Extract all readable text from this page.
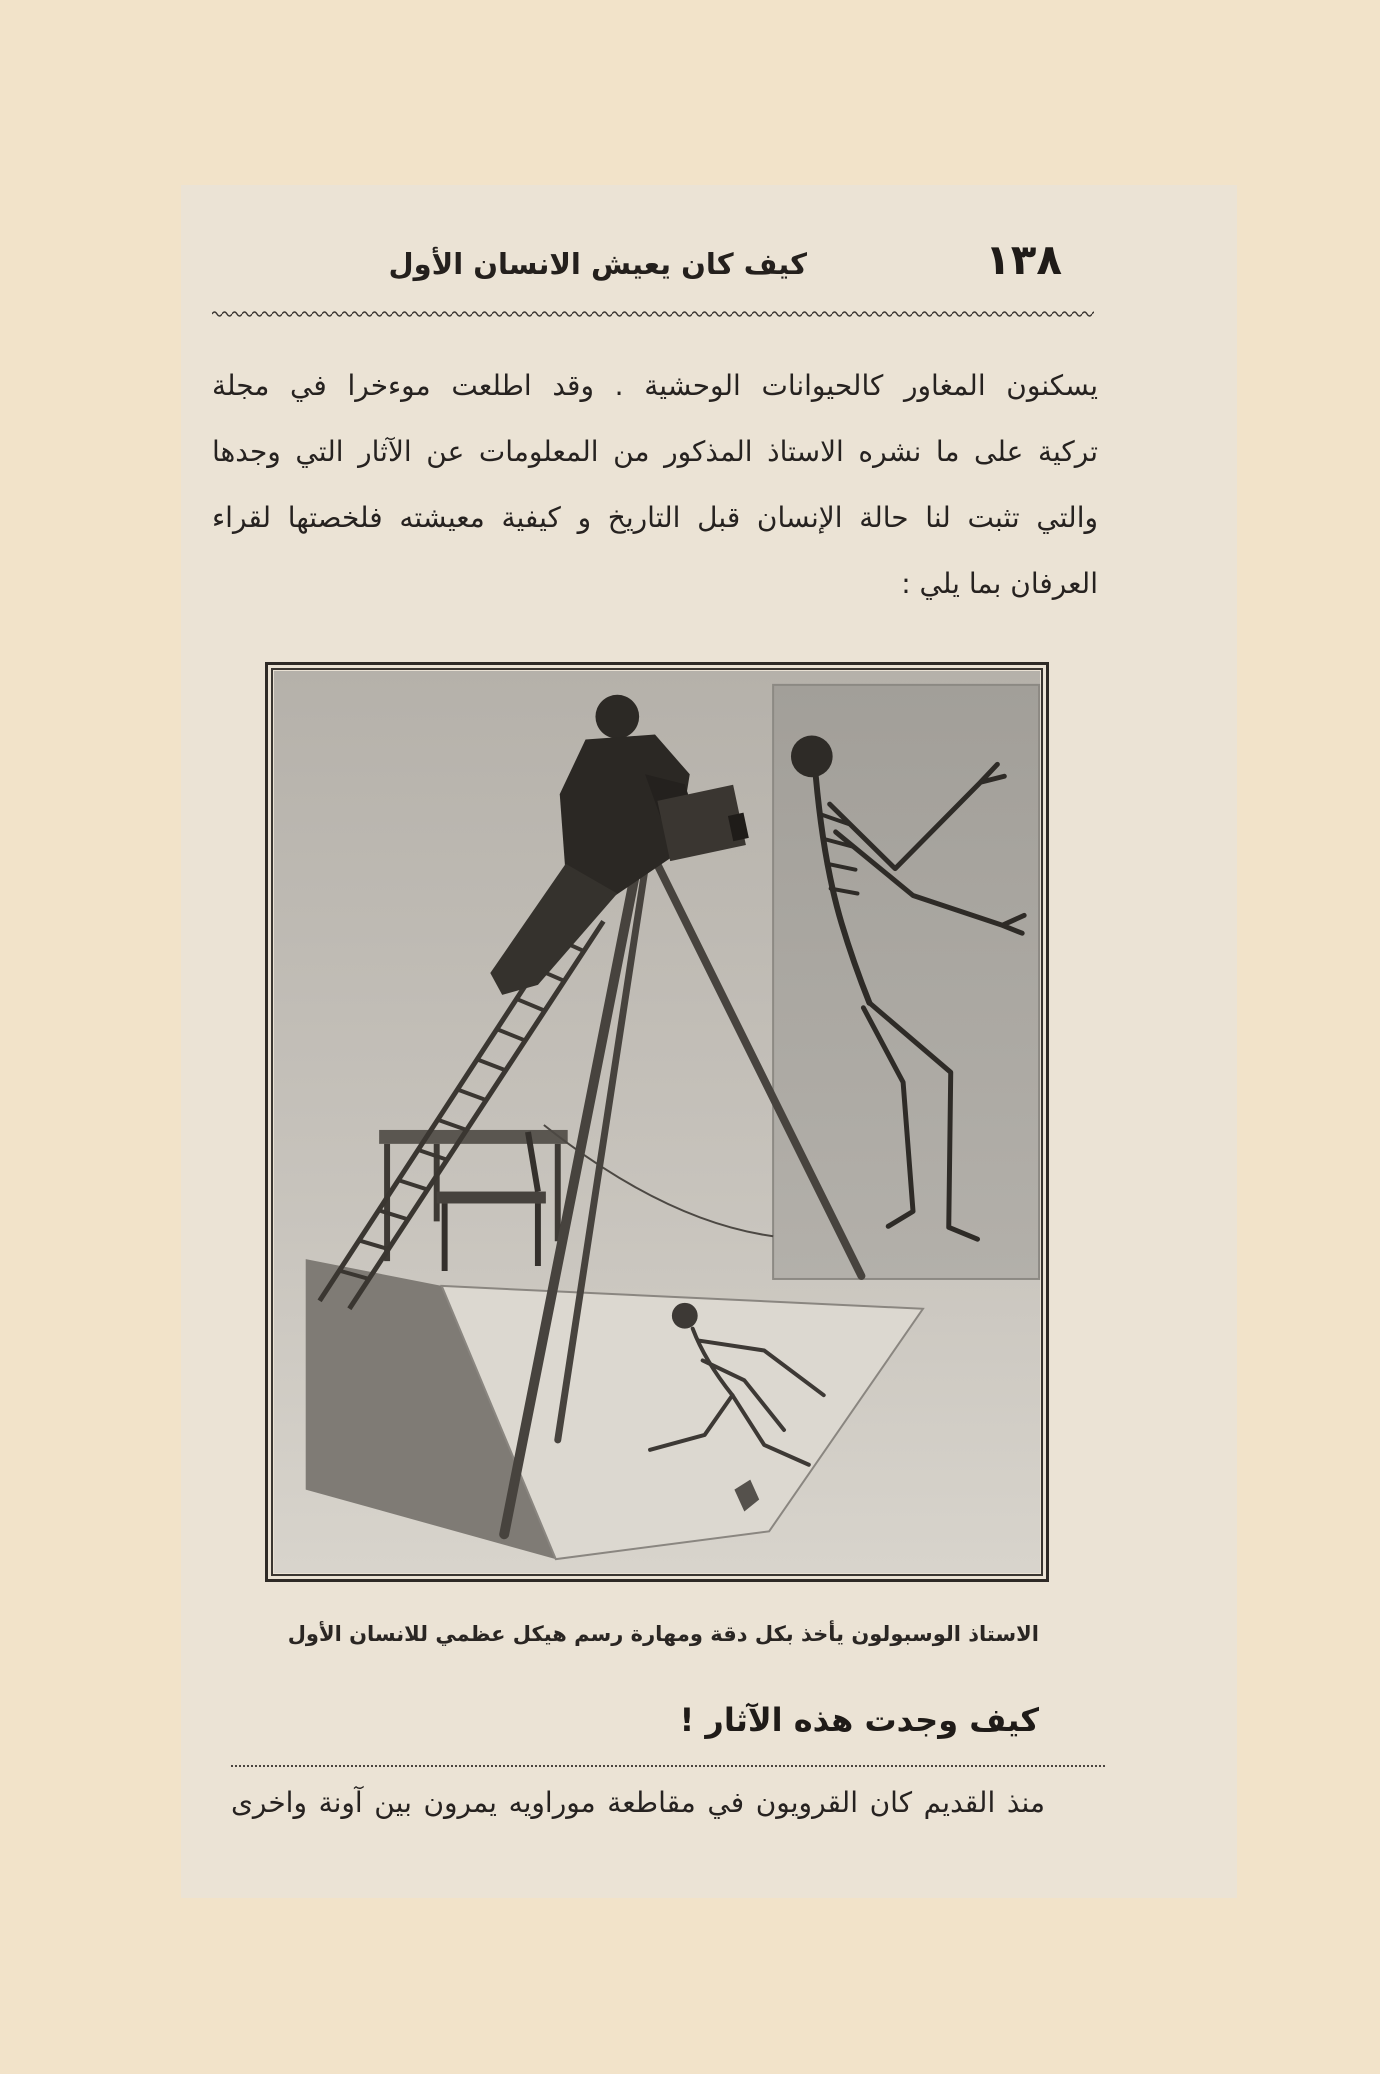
١٣٨
كيف كان يعيش الانسان الأول
يسكنون المغاور كالحيوانات الوحشية . وقد اطلعت موءخرا في مجلة
تركية على ما نشره الاستاذ المذكور من المعلومات عن الآثار التي وجدها
والتي تثبت لنا حالة الإنسان قبل التاريخ و كيفية معيشته فلخصتها لقراء
العرفان بما يلي :
الاستاذ الوسبولون يأخذ بكل دقة ومهارة رسم هيكل عظمي للانسان الأول
كيف وجدت هذه الآثار !
منذ القديم كان القرويون في مقاطعة موراويه يمرون بين آونة واخرى
